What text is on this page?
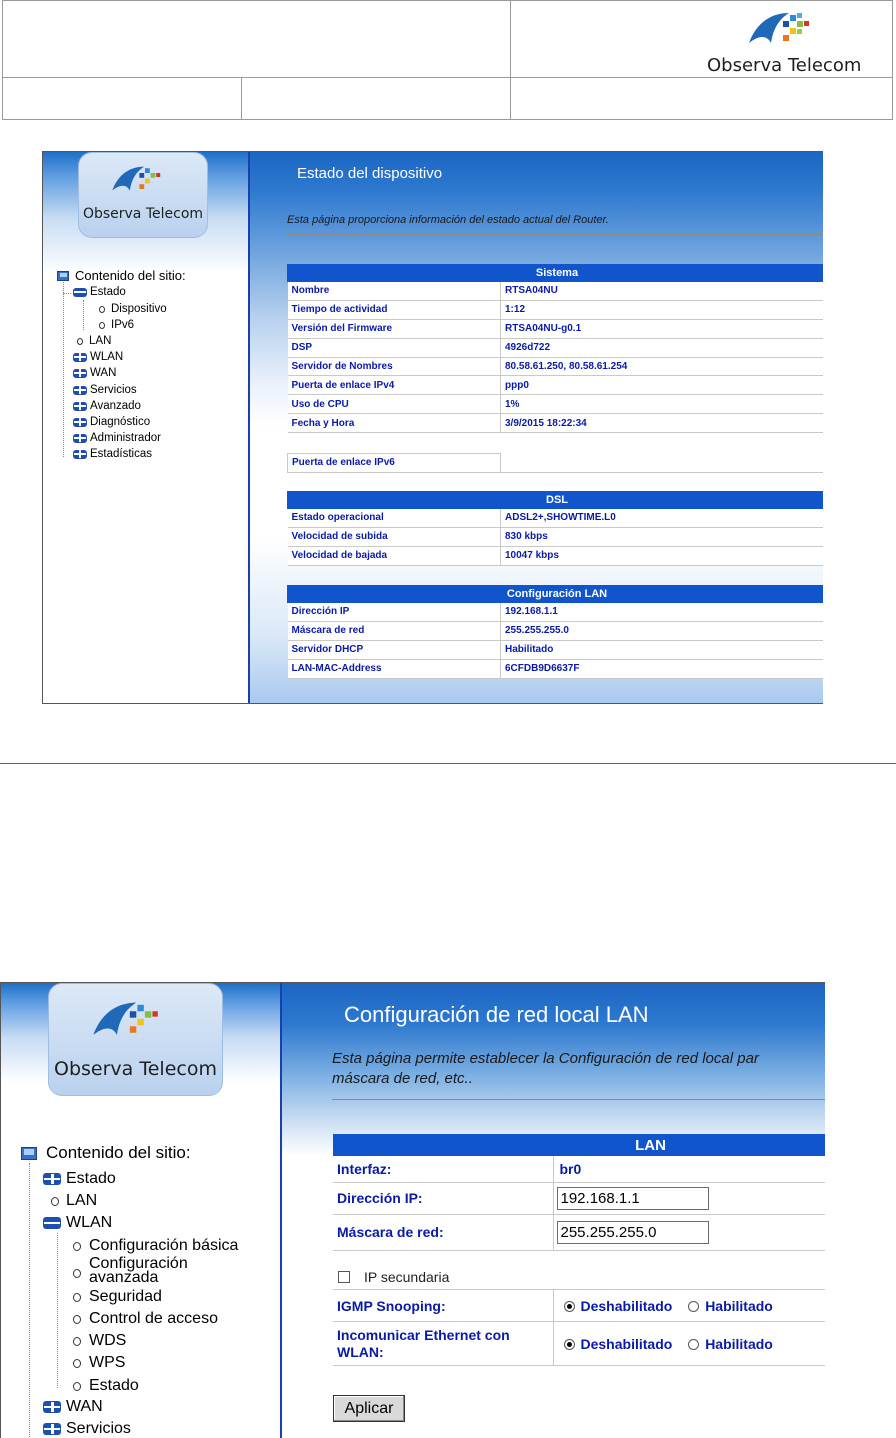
Observa Telecom
Observa Telecom
Contenido del sitio:
Estado
Dispositivo
IPv6
LAN
WLAN
WAN
Servicios
Avanzado
Diagnóstico
Administrador
Estadísticas
Estado del dispositivo
Esta página proporciona información del estado actual del Router.
Sistema	
Nombre	RTSA04NU
Tiempo de actividad	1:12
Versión del Firmware	RTSA04NU-g0.1
DSP	4926d722
Servidor de Nombres	80.58.61.250, 80.58.61.254
Puerta de enlace IPv4	ppp0
Uso de CPU	1%
Fecha y Hora	3/9/2015 18:22:34
Puerta de enlace IPv6	
DSL	
Estado operacional	ADSL2+,SHOWTIME.L0
Velocidad de subida	830 kbps
Velocidad de bajada	10047 kbps
Configuración LAN	
Dirección IP	192.168.1.1
Máscara de red	255.255.255.0
Servidor DHCP	Habilitado
LAN-MAC-Address	6CFDB9D6637F
Observa Telecom
Contenido del sitio:
Estado
LAN
WLAN
Configuración básica
Configuración
avanzada
Seguridad
Control de acceso
WDS
WPS
Estado
WAN
Servicios
Configuración de red local LAN
Esta página permite establecer la Configuración de red local par
máscara de red, etc..
LAN	
Interfaz:	br0
Dirección IP:	192.168.1.1
Máscara de red:	255.255.255.0
IP secundaria
IGMP Snooping:	Deshabilitado Habilitado

Incomunicar Ethernet con
WLAN:	Deshabilitado Habilitado
Aplicar
